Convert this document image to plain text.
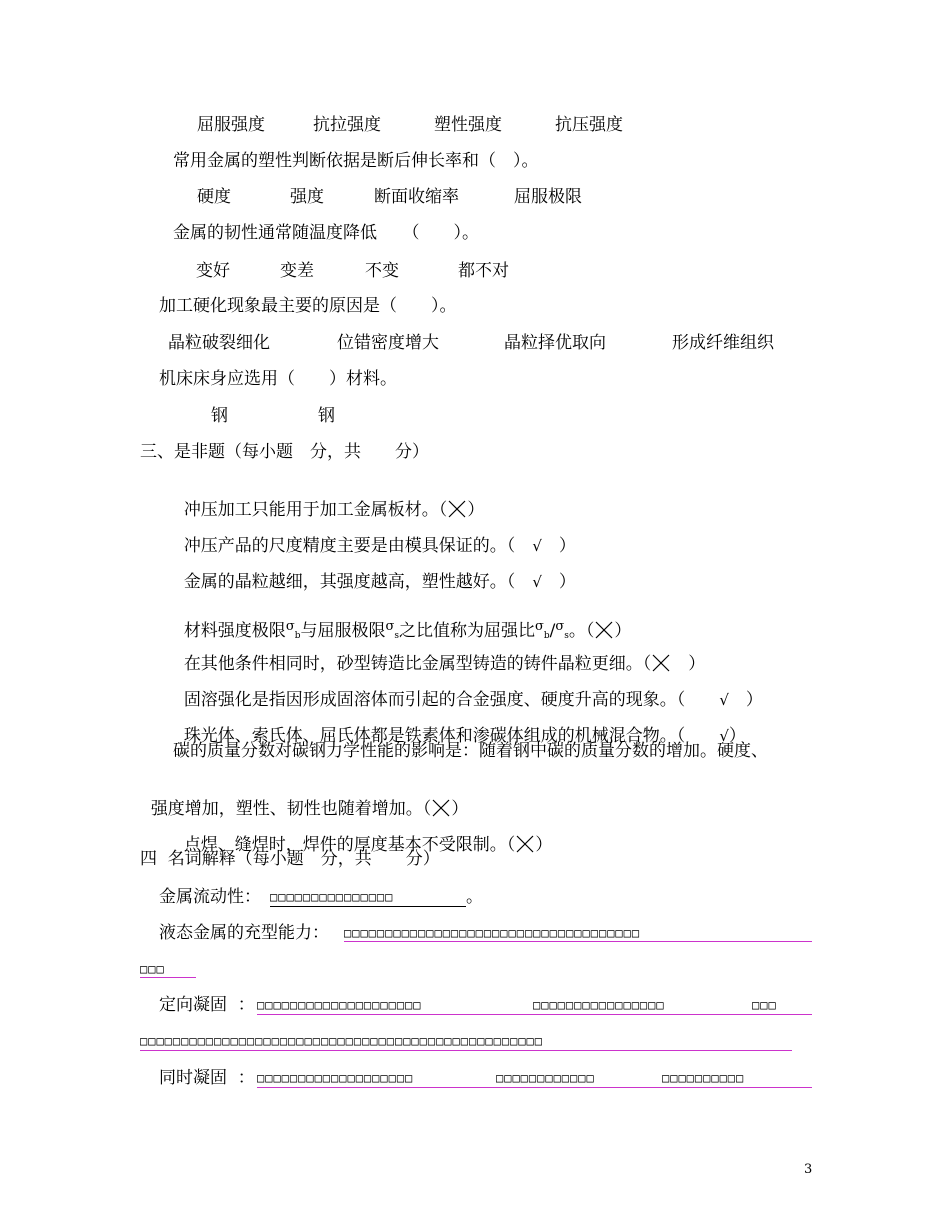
屈服强度

	抗拉强度

	塑性强度

	抗压强度

常用金属的塑性判断依据是断后伸长率和（　）。

硬度

	强度

	断面收缩率

	屈服极限

金属的韧性通常随温度降低　　（　　）。

变好

	变差

	不变

	都不对

加工硬化现象最主要的原因是（　　）。

晶粒破裂细化

	位错密度增大

	晶粒择优取向

	形成纤维组织

机床床身应选用（　　）材料。

钢

	钢

三、是非题（每小题　分，共　　分）

冲压加工只能用于加工金属板材。（ ）

冲压产品的尺度精度主要是由模具保证的。（　√　）

金属的晶粒越细，其强度越高，塑性越好。（　√　）

材料强度极限$^\sigma$b与屈服极限$^\sigma$s之比值称为屈强比$^\sigma$b/$^\sigma$s。（ ）

在其他条件相同时，砂型铸造比金属型铸造的铸件晶粒更细。（
　）

固溶强化是指因形成固溶体而引起的合金强度、硬度升高的现象。（　　√　）

珠光体、索氏体、屈氏体都是铁素体和渗碳体组成的机械混合物。（　　√）

碳的质量分数对碳钢力学性能的影响是：随着钢中碳的质量分数的增加。硬度、

强度增加，塑性、韧性也随着增加。（ ）

点焊、缝焊时，焊件的厚度基本不受限制。（ ）

四  名词解释（每小题　分，共　　分）
金属流动性： □□□□□□□□□□□□□□□	。
液态金属的充型能力： □□□□□□□□□□□□□□□□□□□□□□□□□□□□□□□□□□□□
□□□
定向凝固  ： □□□□□□□□□□□□□□□□□□□□	□□□□□□□□□□□□□□□□	□□□
□□□□□□□□□□□□□□□□□□□□□□□□□□□□□□□□□□□□□□□□□□□□□□□□□
同时凝固  ： □□□□□□□□□□□□□□□□□□□	□□□□□□□□□□□□	□□□□□□□□□□
3
